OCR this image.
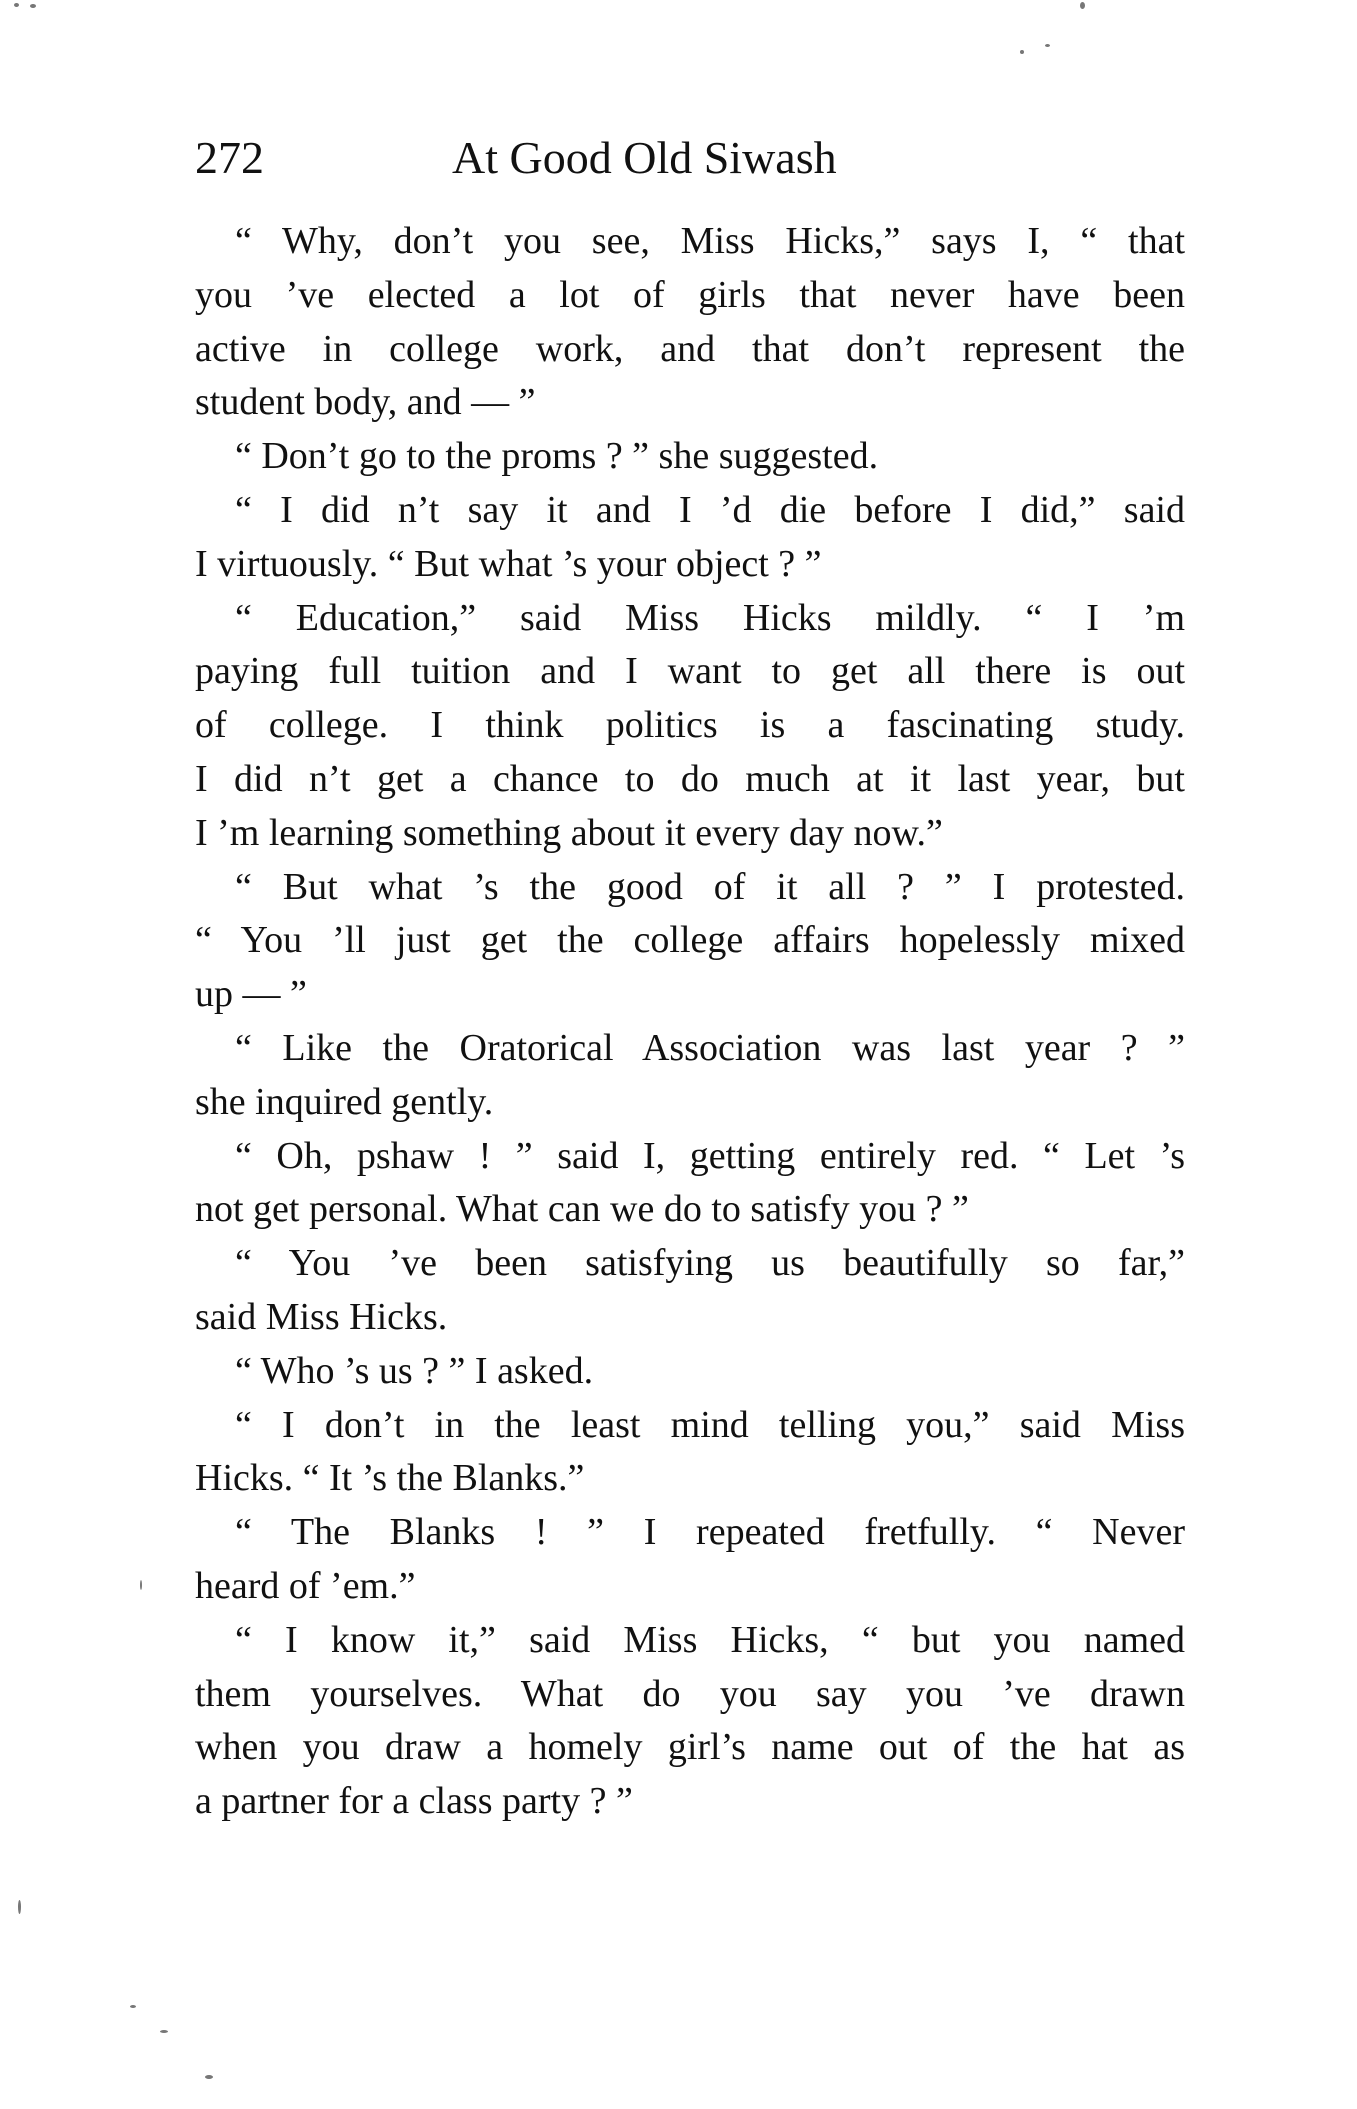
272	At Good Old Siwash
“ Why, don’t you see, Miss Hicks,” says I, “ that
you ’ve elected a lot of girls that never have been
active in college work, and that don’t represent the
student body, and — ”
“ Don’t go to the proms ? ” she suggested.
“ I did n’t say it and I ’d die before I did,” said
I virtuously. “ But what ’s your object ? ”
“ Education,” said Miss Hicks mildly. “ I ’m
paying full tuition and I want to get all there is out
of college. I think politics is a fascinating study.
I did n’t get a chance to do much at it last year, but
I ’m learning something about it every day now.”
“ But what ’s the good of it all ? ” I protested.
“ You ’ll just get the college affairs hopelessly mixed
up — ”
“ Like the Oratorical Association was last year ? ”
she inquired gently.
“ Oh, pshaw ! ” said I, getting entirely red. “ Let ’s
not get personal. What can we do to satisfy you ? ”
“ You ’ve been satisfying us beautifully so far,”
said Miss Hicks.
“ Who ’s us ? ” I asked.
“ I don’t in the least mind telling you,” said Miss
Hicks. “ It ’s the Blanks.”
“ The Blanks ! ” I repeated fretfully. “ Never
heard of ’em.”
“ I know it,” said Miss Hicks, “ but you named
them yourselves. What do you say you ’ve drawn
when you draw a homely girl’s name out of the hat as
a partner for a class party ? ”
